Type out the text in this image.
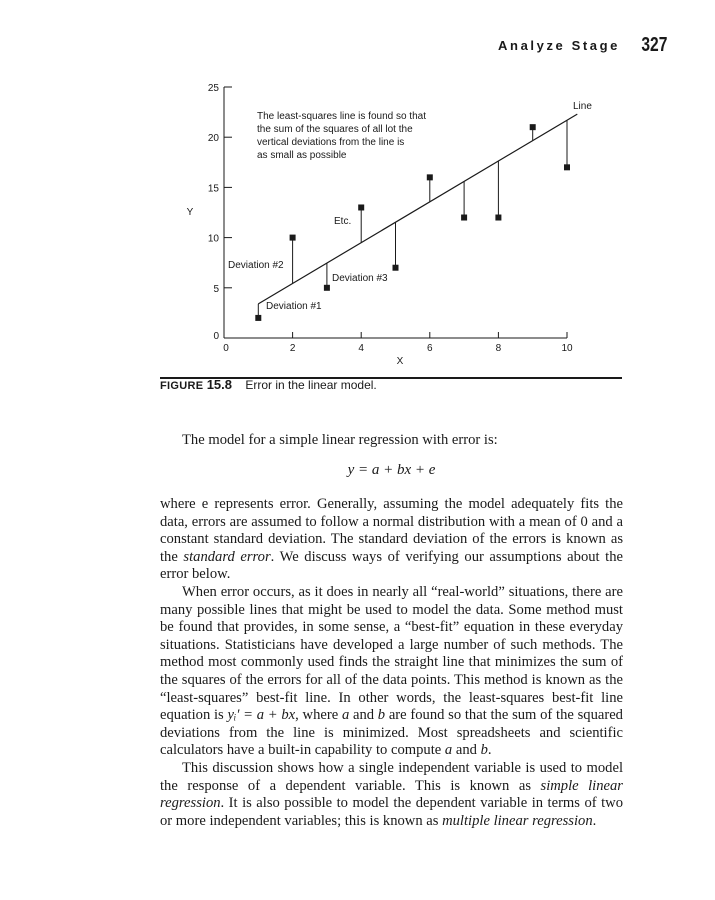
Analyze Stage 327
0	2	4	6	8	10
0
5
10
15
20
25
X
Y
Line
The least-squares line is found so that
the sum of the squares of all lot the
vertical deviations from the line is
as small as possible
Deviation #1
Deviation #2
Deviation #3
Etc.
FIGURE 15.8 Error in the linear model.

The model for a simple linear regression with error is:

y = a + bx + e

where e represents error. Generally, assuming the model adequately fits the data, errors are assumed to follow a normal distribution with a mean of 0 and a constant standard deviation. The standard deviation of the errors is known as the standard error. We discuss ways of verifying our assumptions about the error below.

When error occurs, as it does in nearly all “real-world” situations, there are many possible lines that might be used to model the data. Some method must be found that provides, in some sense, a “best-fit” equation in these everyday situations. Statisticians have developed a large number of such methods. The method most commonly used finds the straight line that minimizes the sum of the squares of the errors for all of the data points. This method is known as the “least-squares” best-fit line. In other words, the least-squares best-fit line equation is yᵢ′ = a + bx, where a and b are found so that the sum of the squared deviations from the line is minimized. Most spreadsheets and scientific calculators have a built-in capability to compute a and b.

This discussion shows how a single independent variable is used to model the response of a dependent variable. This is known as simple linear regression. It is also possible to model the dependent variable in terms of two or more independent variables; this is known as multiple linear regression.
